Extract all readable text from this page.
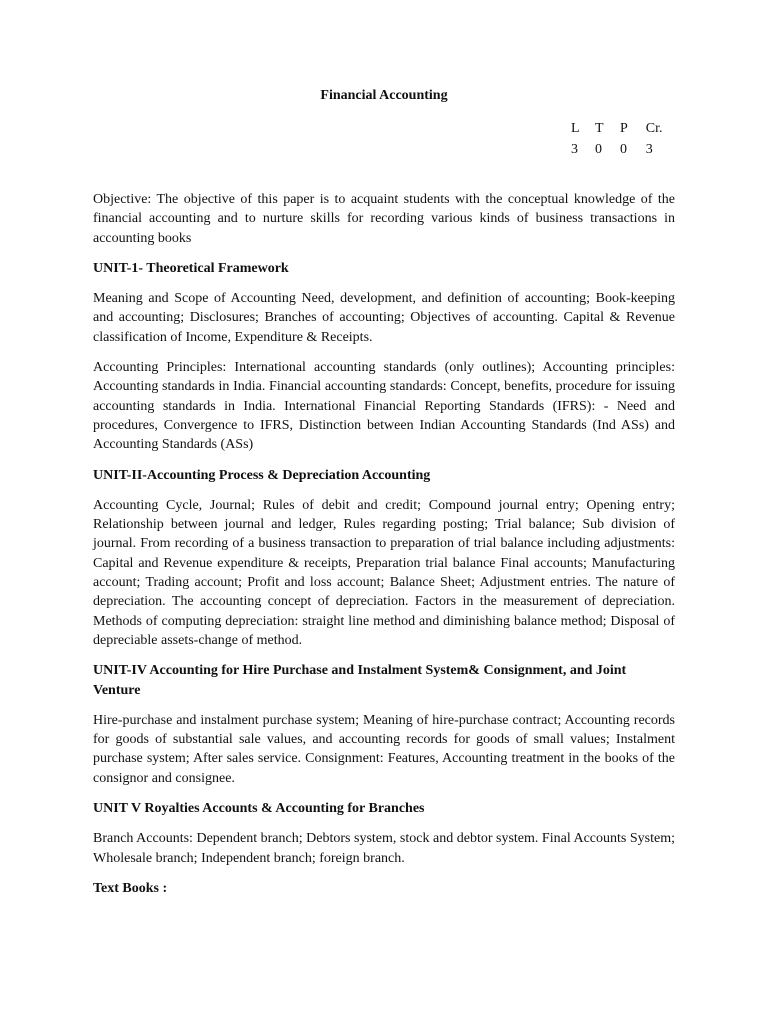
Financial Accounting
L	T	P	Cr.
3	0	0	3

Objective: The objective of this paper is to acquaint students with the conceptual knowledge of the financial accounting and to nurture skills for recording various kinds of business transactions in accounting books

UNIT-1- Theoretical Framework

Meaning and Scope of Accounting Need, development, and definition of accounting; Book-keeping and accounting; Disclosures; Branches of accounting; Objectives of accounting. Capital & Revenue classification of Income, Expenditure & Receipts.

Accounting Principles: International accounting standards (only outlines); Accounting principles: Accounting standards in India. Financial accounting standards: Concept, benefits, procedure for issuing accounting standards in India. International Financial Reporting Standards (IFRS): - Need and procedures, Convergence to IFRS, Distinction between Indian Accounting Standards (Ind ASs) and Accounting Standards (ASs)

UNIT-II-Accounting Process & Depreciation Accounting

Accounting Cycle, Journal; Rules of debit and credit; Compound journal entry; Opening entry; Relationship between journal and ledger, Rules regarding posting; Trial balance; Sub division of journal. From recording of a business transaction to preparation of trial balance including adjustments: Capital and Revenue expenditure & receipts, Preparation trial balance Final accounts; Manufacturing account; Trading account; Profit and loss account; Balance Sheet; Adjustment entries. The nature of depreciation. The accounting concept of depreciation. Factors in the measurement of depreciation. Methods of computing depreciation: straight line method and diminishing balance method; Disposal of depreciable assets-change of method.

UNIT-IV Accounting for Hire Purchase and Instalment System& Consignment, and Joint Venture

Hire-purchase and instalment purchase system; Meaning of hire-purchase contract; Accounting records for goods of substantial sale values, and accounting records for goods of small values; Instalment purchase system; After sales service. Consignment: Features, Accounting treatment in the books of the consignor and consignee.

UNIT V Royalties Accounts & Accounting for Branches

Branch Accounts: Dependent branch; Debtors system, stock and debtor system. Final Accounts System; Wholesale branch; Independent branch; foreign branch.

Text Books :
